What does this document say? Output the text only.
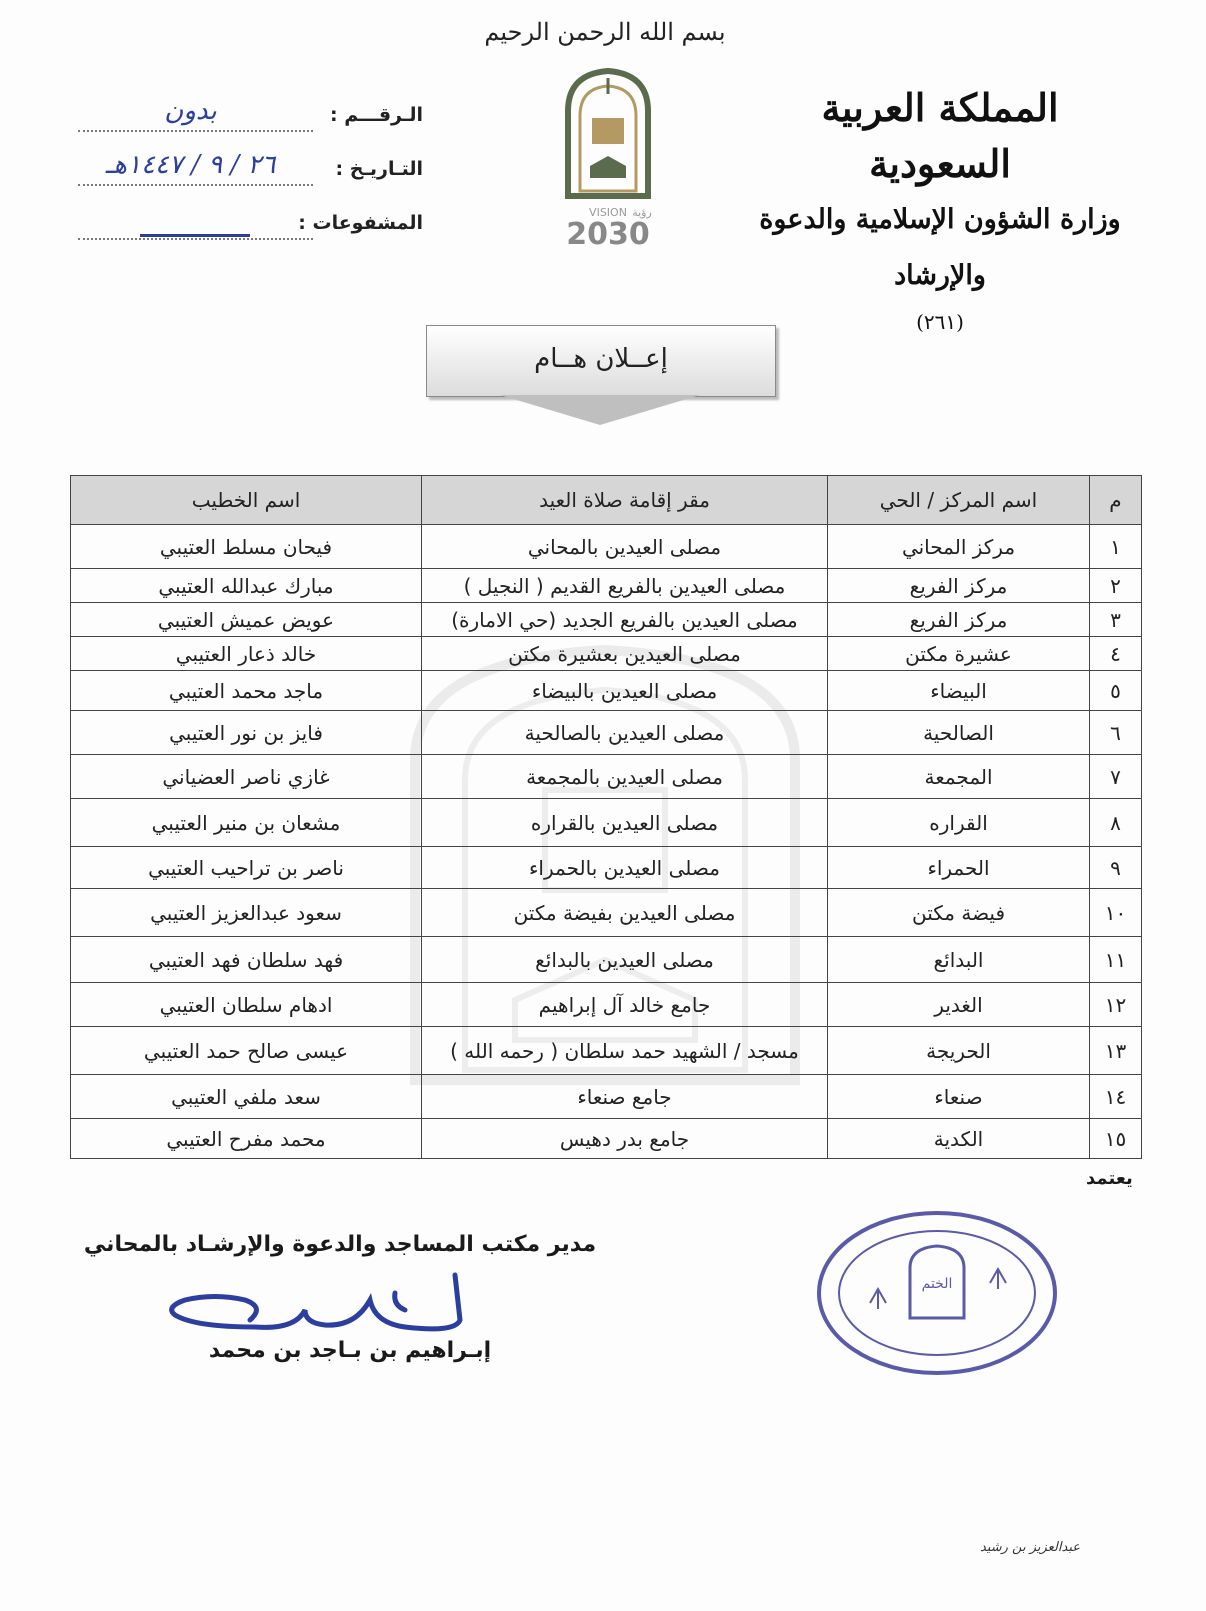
بسم الله الرحمن الرحيم
المملكة العربية السعودية
وزارة الشؤون الإسلامية والدعوة والإرشاد
(٢٦١)
VISION رؤية
2030
الـرقـــم :
بدون
التـاريـخ :
٢٦ / ٩ / ١٤٤٧هـ
المشفوعات :
إعــلان هــام
م	اسم المركز / الحي	مقر إقامة صلاة العيد	اسم الخطيب
١	مركز المحاني	مصلى العيدين بالمحاني	فيحان مسلط العتيبي
٢	مركز الفريع	مصلى العيدين بالفريع القديم ( النجيل )	مبارك عبدالله العتيبي
٣	مركز الفريع	مصلى العيدين بالفريع الجديد (حي الامارة)	عويض عميش العتيبي
٤	عشيرة مكتن	مصلى العيدين بعشيرة مكتن	خالد ذعار العتيبي
٥	البيضاء	مصلى العيدين بالبيضاء	ماجد محمد العتيبي
٦	الصالحية	مصلى العيدين بالصالحية	فايز بن نور العتيبي
٧	المجمعة	مصلى العيدين بالمجمعة	غازي ناصر العضياني
٨	القراره	مصلى العيدين بالقراره	مشعان بن منير العتيبي
٩	الحمراء	مصلى العيدين بالحمراء	ناصر بن تراحيب العتيبي
١٠	فيضة مكتن	مصلى العيدين بفيضة مكتن	سعود عبدالعزيز العتيبي
١١	البدائع	مصلى العيدين بالبدائع	فهد سلطان فهد العتيبي
١٢	الغدير	جامع خالد آل إبراهيم	ادهام سلطان العتيبي
١٣	الحريجة	مسجد / الشهيد حمد سلطان ( رحمه الله )	عيسى صالح حمد العتيبي
١٤	صنعاء	جامع صنعاء	سعد ملفي العتيبي
١٥	الكدية	جامع بدر دهيس	محمد مفرح العتيبي
يعتمد
مدير مكتب المساجد والدعوة والإرشـاد بالمحاني
إبـراهيم بن بـاجد بن محمد
الختم
عبدالعزيز بن رشيد
